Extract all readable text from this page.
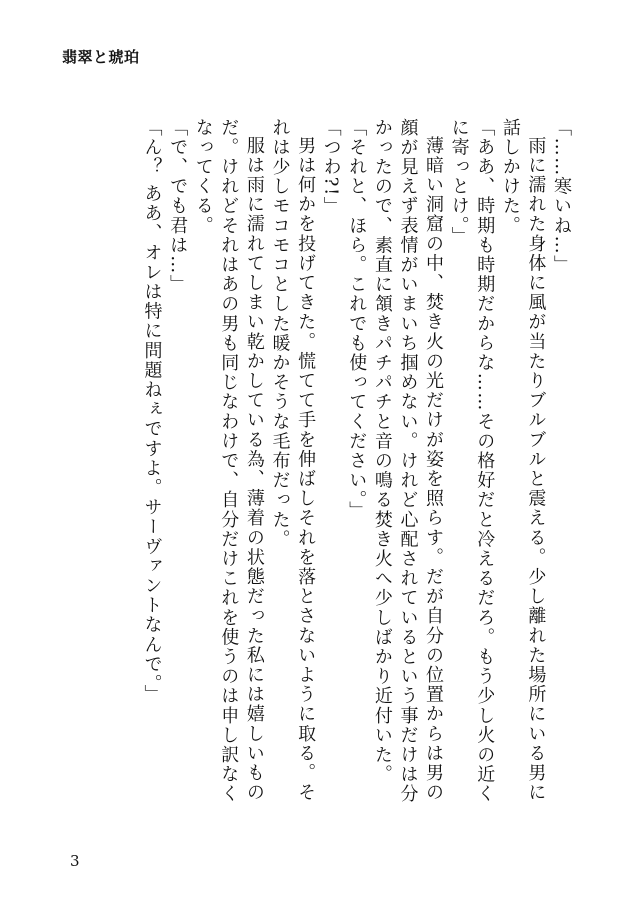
翡翠と琥珀

「……寒いね…」

雨に濡れた身体に風が当たりブルブルと震える。少し離れた場所にいる男に話しかけた。

「ああ、時期も時期だからな……その格好だと冷えるだろ。もう少し火の近くに寄っとけ。」

薄暗い洞窟の中、焚き火の光だけが姿を照らす。だが自分の位置からは男の顔が見えず表情がいまいち掴めない。けれど心配されているという事だけは分かったので、素直に頷きパチパチと音の鳴る焚き火へ少しばかり近付いた。

「それと、ほら。これでも使ってください。」

「つわ?!」

男は何かを投げてきた。慌てて手を伸ばしそれを落とさないように取る。それは少しモコモコとした暖かそうな毛布だった。

服は雨に濡れてしまい乾かしている為、薄着の状態だった私には嬉しいものだ。けれどそれはあの男も同じなわけで、自分だけこれを使うのは申し訳なくなってくる。

「で、でも君は…」

「ん？ ああ、オレは特に問題ねぇですよ。サーヴァントなんで。」

3
